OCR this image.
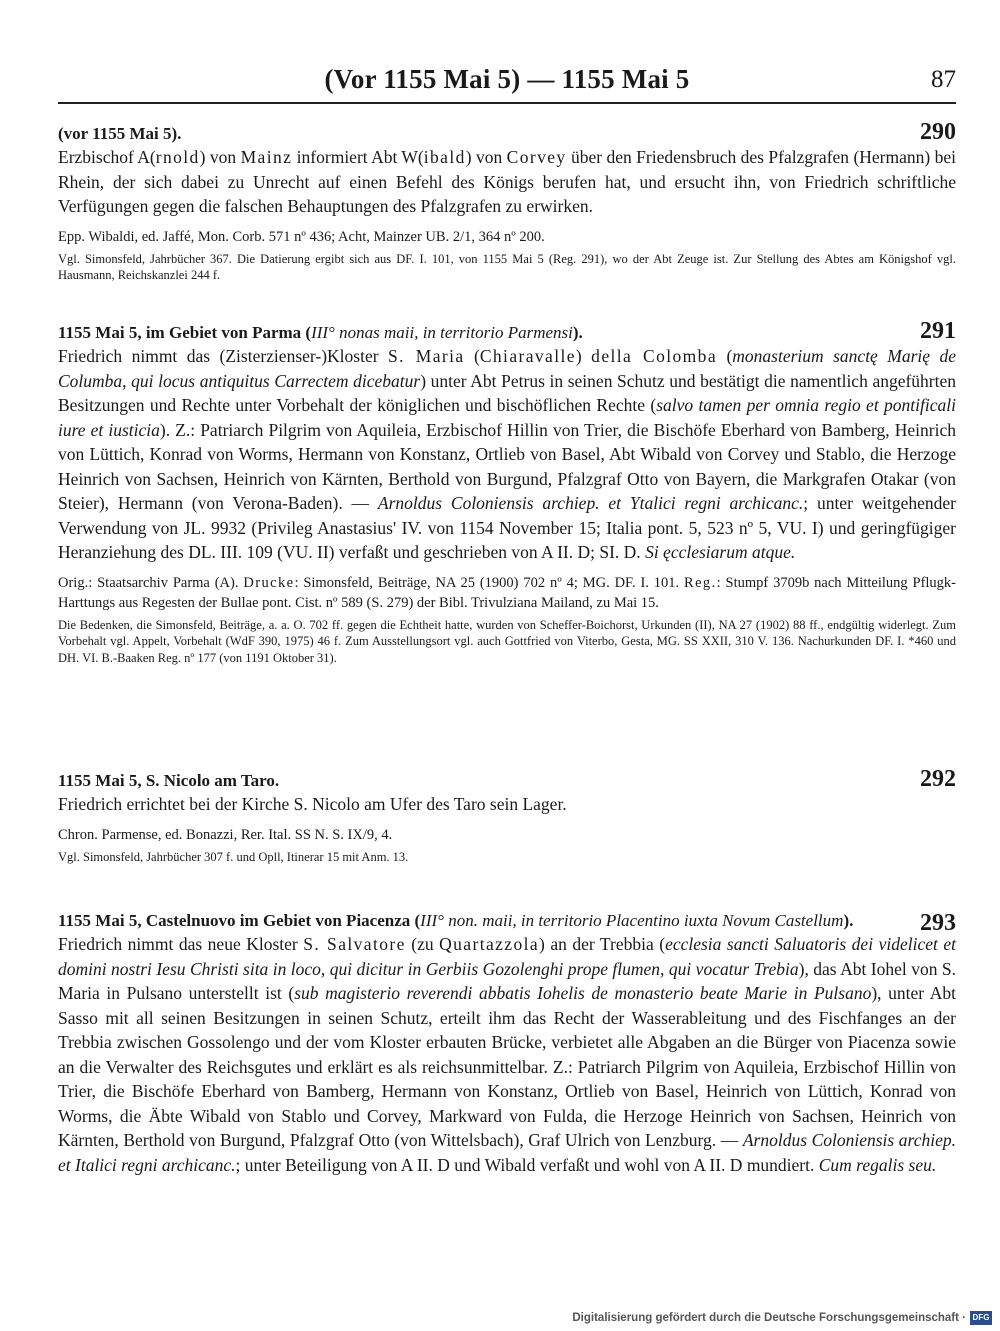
(Vor 1155 Mai 5) — 1155 Mai 5	87
(vor 1155 Mai 5).	290

Erzbischof A(rnold) von Mainz informiert Abt W(ibald) von Corvey über den Friedensbruch des Pfalzgrafen (Hermann) bei Rhein, der sich dabei zu Unrecht auf einen Befehl des Königs berufen hat, und ersucht ihn, von Friedrich schriftliche Verfügungen gegen die falschen Behauptungen des Pfalzgrafen zu erwirken.

Epp. Wibaldi, ed. Jaffé, Mon. Corb. 571 nº 436; Acht, Mainzer UB. 2/1, 364 nº 200.

Vgl. Simonsfeld, Jahrbücher 367. Die Datierung ergibt sich aus DF. I. 101, von 1155 Mai 5 (Reg. 291), wo der Abt Zeuge ist. Zur Stellung des Abtes am Königshof vgl. Hausmann, Reichskanzlei 244 f.

1155 Mai 5, im Gebiet von Parma (III° nonas maii, in territorio Parmensi).	291

Friedrich nimmt das (Zisterzienser-)Kloster S. Maria (Chiaravalle) della Colomba (monasterium sanctę Marię de Columba, qui locus antiquitus Carrectem dicebatur) unter Abt Petrus in seinen Schutz und bestätigt die namentlich angeführten Besitzungen und Rechte unter Vorbehalt der königlichen und bischöflichen Rechte (salvo tamen per omnia regio et pontificali iure et iusticia). Z.: Patriarch Pilgrim von Aquileia, Erzbischof Hillin von Trier, die Bischöfe Eberhard von Bamberg, Heinrich von Lüttich, Konrad von Worms, Hermann von Konstanz, Ortlieb von Basel, Abt Wibald von Corvey und Stablo, die Herzoge Heinrich von Sachsen, Heinrich von Kärnten, Berthold von Burgund, Pfalzgraf Otto von Bayern, die Markgrafen Otakar (von Steier), Hermann (von Verona-Baden). — Arnoldus Coloniensis archiep. et Ytalici regni archicanc.; unter weitgehender Verwendung von JL. 9932 (Privileg Anastasius' IV. von 1154 November 15; Italia pont. 5, 523 nº 5, VU. I) und geringfügiger Heranziehung des DL. III. 109 (VU. II) verfaßt und geschrieben von A II. D; SI. D. Si ęcclesiarum atque.

Orig.: Staatsarchiv Parma (A). Drucke: Simonsfeld, Beiträge, NA 25 (1900) 702 nº 4; MG. DF. I. 101. Reg.: Stumpf 3709b nach Mitteilung Pflugk-Harttungs aus Regesten der Bullae pont. Cist. nº 589 (S. 279) der Bibl. Trivulziana Mailand, zu Mai 15.

Die Bedenken, die Simonsfeld, Beiträge, a. a. O. 702 ff. gegen die Echtheit hatte, wurden von Scheffer-Boichorst, Urkunden (II), NA 27 (1902) 88 ff., endgültig widerlegt. Zum Vorbehalt vgl. Appelt, Vorbehalt (WdF 390, 1975) 46 f. Zum Ausstellungsort vgl. auch Gottfried von Viterbo, Gesta, MG. SS XXII, 310 V. 136. Nachurkunden DF. I. *460 und DH. VI. B.-Baaken Reg. nº 177 (von 1191 Oktober 31).

1155 Mai 5, S. Nicolo am Taro.	292

Friedrich errichtet bei der Kirche S. Nicolo am Ufer des Taro sein Lager.

Chron. Parmense, ed. Bonazzi, Rer. Ital. SS N. S. IX/9, 4.

Vgl. Simonsfeld, Jahrbücher 307 f. und Opll, Itinerar 15 mit Anm. 13.

1155 Mai 5, Castelnuovo im Gebiet von Piacenza (III° non. maii, in territorio Placentino iuxta Novum Castellum).	293

Friedrich nimmt das neue Kloster S. Salvatore (zu Quartazzola) an der Trebbia (ecclesia sancti Saluatoris dei videlicet et domini nostri Iesu Christi sita in loco, qui dicitur in Gerbiis Gozolenghi prope flumen, qui vocatur Trebia), das Abt Iohel von S. Maria in Pulsano unterstellt ist (sub magisterio reverendi abbatis Iohelis de monasterio beate Marie in Pulsano), unter Abt Sasso mit all seinen Besitzungen in seinen Schutz, erteilt ihm das Recht der Wasserableitung und des Fischfanges an der Trebbia zwischen Gossolengo und der vom Kloster erbauten Brücke, verbietet alle Abgaben an die Bürger von Piacenza sowie an die Verwalter des Reichsgutes und erklärt es als reichsunmittelbar. Z.: Patriarch Pilgrim von Aquileia, Erzbischof Hillin von Trier, die Bischöfe Eberhard von Bamberg, Hermann von Konstanz, Ortlieb von Basel, Heinrich von Lüttich, Konrad von Worms, die Äbte Wibald von Stablo und Corvey, Markward von Fulda, die Herzoge Heinrich von Sachsen, Heinrich von Kärnten, Berthold von Burgund, Pfalzgraf Otto (von Wittelsbach), Graf Ulrich von Lenzburg. — Arnoldus Coloniensis archiep. et Italici regni archicanc.; unter Beteiligung von A II. D und Wibald verfaßt und wohl von A II. D mundiert. Cum regalis seu.

Digitalisierung gefördert durch die Deutsche Forschungsgemeinschaft · DFG
